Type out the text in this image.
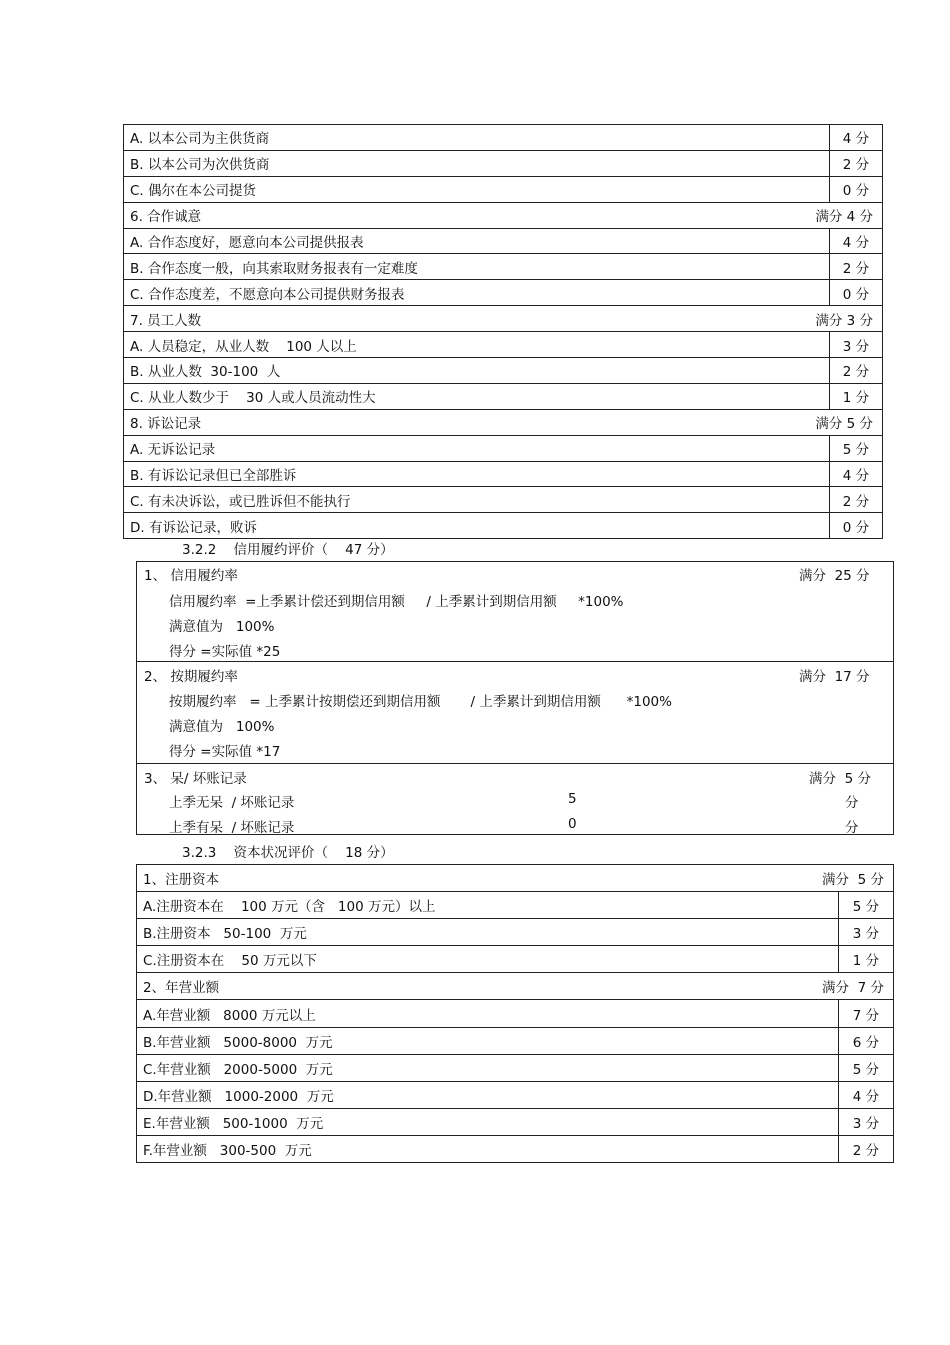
A. 以本公司为主供货商	4 分
B. 以本公司为次供货商	2 分
C. 偶尔在本公司提货	0 分

6. 合作诚意 满分 4 分	

A. 合作态度好，愿意向本公司提供报表	4 分
B. 合作态度一般，向其索取财务报表有一定难度	2 分
C. 合作态度差，不愿意向本公司提供财务报表	0 分

7. 员工人数 满分 3 分	

A. 人员稳定，从业人数    100 人以上	3 分
B. 从业人数  30-100  人	2 分
C. 从业人数少于    30 人或人员流动性大	1 分

8. 诉讼记录 满分 5 分	

A. 无诉讼记录	5 分
B. 有诉讼记录但已全部胜诉	4 分
C. 有未决诉讼，或已胜诉但不能执行	2 分
D. 有诉讼记录，败诉	0 分
3.2.2    信用履约评价（    47 分）
1、 信用履约率	满分  25 分
信用履约率  =上季累计偿还到期信用额     / 上季累计到期信用额     *100%
满意值为   100%
得分 =实际值 *25
2、 按期履约率	满分  17 分
按期履约率   = 上季累计按期偿还到期信用额       / 上季累计到期信用额      *100%
满意值为   100%
得分 =实际值 *17
3、 呆/ 坏账记录	满分  5 分
上季无呆  / 坏账记录	5	分
上季有呆  / 坏账记录	0	分
3.2.3    资本状况评价（    18 分）
1、注册资本 满分  5 分	

A.注册资本在    100 万元（含   100 万元）以上	5 分
B.注册资本   50-100  万元	3 分
C.注册资本在    50 万元以下	1 分

2、年营业额 满分  7 分	

A.年营业额   8000 万元以上	7 分
B.年营业额   5000-8000  万元	6 分
C.年营业额   2000-5000  万元	5 分
D.年营业额   1000-2000  万元	4 分
E.年营业额   500-1000  万元	3 分
F.年营业额   300-500  万元	2 分
